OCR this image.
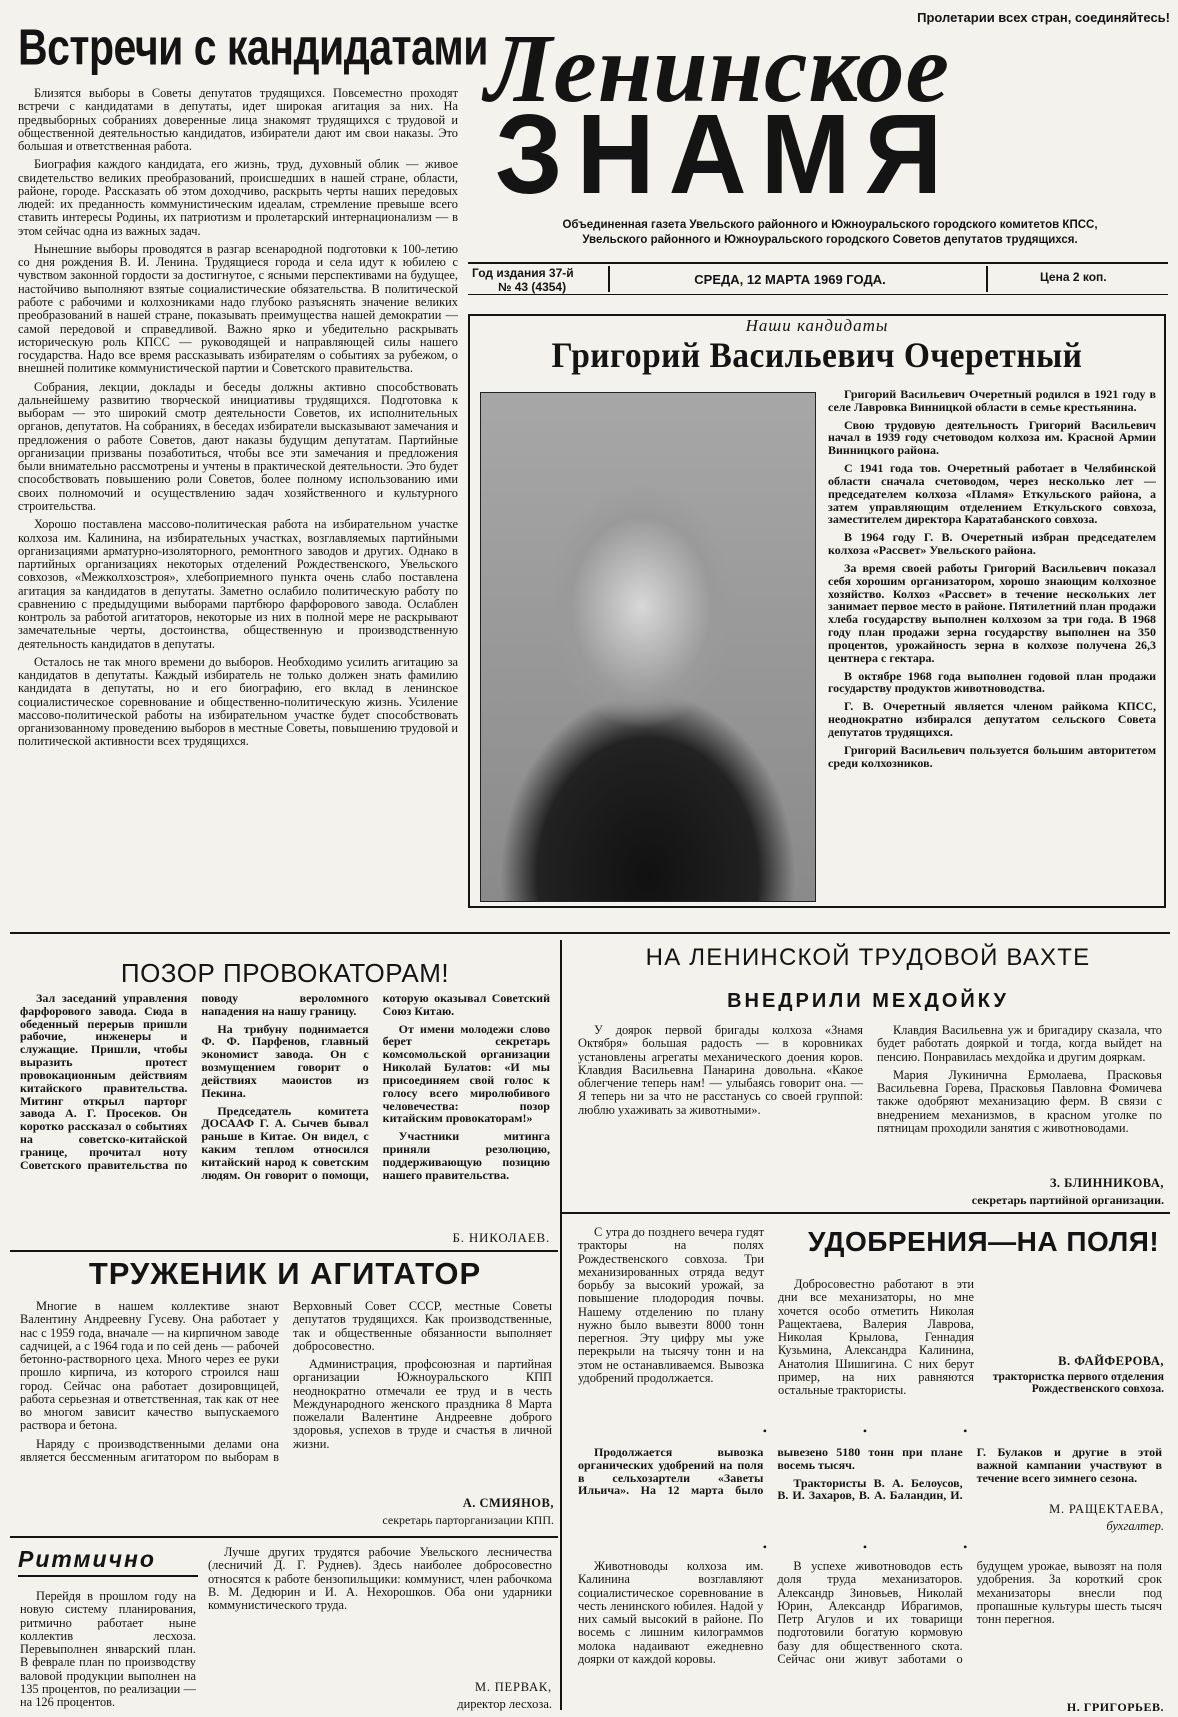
Встречи с кандидатами

Близятся выборы в Советы депутатов трудящихся. Повсеместно проходят встречи с кандидатами в депутаты, идет широкая агитация за них. На предвыборных собраниях доверенные лица знакомят трудящихся с трудовой и общественной деятельностью кандидатов, избиратели дают им свои наказы. Это большая и ответственная работа.

Биография каждого кандидата, его жизнь, труд, духовный облик — живое свидетельство великих преобразований, происшедших в нашей стране, области, районе, городе. Рассказать об этом доходчиво, раскрыть черты наших передовых людей: их преданность коммунистическим идеалам, стремление превыше всего ставить интересы Родины, их патриотизм и пролетарский интернационализм — в этом сейчас одна из важных задач.

Нынешние выборы проводятся в разгар всенародной подготовки к 100-летию со дня рождения В. И. Ленина. Трудящиеся города и села идут к юбилею с чувством законной гордости за достигнутое, с ясными перспективами на будущее, настойчиво выполняют взятые социалистические обязательства. В политической работе с рабочими и колхозниками надо глубоко разъяснять значение великих преобразований в нашей стране, показывать преимущества нашей демократии — самой передовой и справедливой. Важно ярко и убедительно раскрывать историческую роль КПСС — руководящей и направляющей силы нашего государства. Надо все время рассказывать избирателям о событиях за рубежом, о внешней политике коммунистической партии и Советского правительства.

Собрания, лекции, доклады и беседы должны активно способствовать дальнейшему развитию творческой инициативы трудящихся. Подготовка к выборам — это широкий смотр деятельности Советов, их исполнительных органов, депутатов. На собраниях, в беседах избиратели высказывают замечания и предложения о работе Советов, дают наказы будущим депутатам. Партийные организации призваны позаботиться, чтобы все эти замечания и предложения были внимательно рассмотрены и учтены в практической деятельности. Это будет способствовать повышению роли Советов, более полному использованию ими своих полномочий и осуществлению задач хозяйственного и культурного строительства.

Хорошо поставлена массово-политическая работа на избирательном участке колхоза им. Калинина, на избирательных участках, возглавляемых партийными организациями арматурно-изоляторного, ремонтного заводов и других. Однако в партийных организациях некоторых отделений Рождественского, Увельского совхозов, «Межколхозстроя», хлебоприемного пункта очень слабо поставлена агитация за кандидатов в депутаты. Заметно ослабило политическую работу по сравнению с предыдущими выборами партбюро фарфорового завода. Ослаблен контроль за работой агитаторов, некоторые из них в полной мере не раскрывают замечательные черты, достоинства, общественную и производственную деятельность кандидатов в депутаты.

Осталось не так много времени до выборов. Необходимо усилить агитацию за кандидатов в депутаты. Каждый избиратель не только должен знать фамилию кандидата в депутаты, но и его биографию, его вклад в ленинское социалистическое соревнование и общественно-политическую жизнь. Усиление массово-политической работы на избирательном участке будет способствовать организованному проведению выборов в местные Советы, повышению трудовой и политической активности всех трудящихся.

Пролетарии всех стран, соединяйтесь!
Ленинское
ЗНАМЯ
Объединенная газета Увельского районного и Южноуральского городского комитетов КПСС,
Увельского районного и Южноуральского городского Советов депутатов трудящихся.
Год издания 37-й
№ 43 (4354)
СРЕДА, 12 МАРТА 1969 ГОДА.	Цена 2 коп.
Наши кандидаты
Григорий Васильевич Очеретный

Григорий Васильевич Очеретный родился в 1921 году в селе Лавровка Винницкой области в семье крестьянина.

Свою трудовую деятельность Григорий Васильевич начал в 1939 году счетоводом колхоза им. Красной Армии Винницкого района.

С 1941 года тов. Очеретный работает в Челябинской области сначала счетоводом, через несколько лет — председателем колхоза «Пламя» Еткульского района, а затем управляющим отделением Еткульского совхоза, заместителем директора Каратабанского совхоза.

В 1964 году Г. В. Очеретный избран председателем колхоза «Рассвет» Увельского района.

За время своей работы Григорий Васильевич показал себя хорошим организатором, хорошо знающим колхозное хозяйство. Колхоз «Рассвет» в течение нескольких лет занимает первое место в районе. Пятилетний план продажи хлеба государству выполнен колхозом за три года. В 1968 году план продажи зерна государству выполнен на 350 процентов, урожайность зерна в колхозе получена 26,3 центнера с гектара.

В октябре 1968 года выполнен годовой план продажи государству продуктов животноводства.

Г. В. Очеретный является членом райкома КПСС, неоднократно избирался депутатом сельского Совета депутатов трудящихся.

Григорий Васильевич пользуется большим авторитетом среди колхозников.

ПОЗОР ПРОВОКАТОРАМ!

Зал заседаний управления фарфорового завода. Сюда в обеденный перерыв пришли рабочие, инженеры и служащие. Пришли, чтобы выразить протест провокационным действиям китайского правительства. Митинг открыл парторг завода А. Г. Просеков. Он коротко рассказал о событиях на советско-китайской границе, прочитал ноту Советского правительства по поводу вероломного нападения на нашу границу.

На трибуну поднимается Ф. Ф. Парфенов, главный экономист завода. Он с возмущением говорит о действиях маоистов из Пекина.

Председатель комитета ДОСААФ Г. А. Сычев бывал раньше в Китае. Он видел, с каким теплом относился китайский народ к советским людям. Он говорит о помощи, которую оказывал Советский Союз Китаю.

От имени молодежи слово берет секретарь комсомольской организации Николай Булатов: «И мы присоединяем свой голос к голосу всего миролюбивого человечества: позор китайским провокаторам!»

Участники митинга приняли резолюцию, поддерживающую позицию нашего правительства.

Б. НИКОЛАЕВ.
ТРУЖЕНИК И АГИТАТОР

Многие в нашем коллективе знают Валентину Андреевну Гусеву. Она работает у нас с 1959 года, вначале — на кирпичном заводе садчицей, а с 1964 года и по сей день — рабочей бетонно-растворного цеха. Много через ее руки прошло кирпича, из которого строился наш город. Сейчас она работает дозировщицей, работа серьезная и ответственная, так как от нее во многом зависит качество выпускаемого раствора и бетона.

Наряду с производственными делами она является бессменным агитатором по выборам в Верховный Совет СССР, местные Советы депутатов трудящихся. Как производственные, так и общественные обязанности выполняет добросовестно.

Администрация, профсоюзная и партийная организации Южноуральского КПП неоднократно отмечали ее труд и в честь Международного женского праздника 8 Марта пожелали Валентине Андреевне доброго здоровья, успехов в труде и счастья в личной жизни.

А. СМИЯНОВ,
секретарь парторганизации КПП.
Ритмично

Перейдя в прошлом году на новую систему планирования, ритмично работает ныне коллектив лесхоза. Перевыполнен январский план. В феврале план по производству валовой продукции выполнен на 135 процентов, по реализации — на 126 процентов.

Лучше других трудятся рабочие Увельского лесничества (лесничий Д. Г. Руднев). Здесь наиболее добросовестно относятся к работе бензопильщики: коммунист, член рабочкома В. М. Дедюрин и И. А. Нехорошков. Оба они ударники коммунистического труда.

М. ПЕРВАК,
директор лесхоза.
НА ЛЕНИНСКОЙ ТРУДОВОЙ ВАХТЕ
ВНЕДРИЛИ МЕХДОЙКУ

У доярок первой бригады колхоза «Знамя Октября» большая радость — в коровниках установлены агрегаты механического доения коров. Клавдия Васильевна Панарина довольна. «Какое облегчение теперь нам! — улыбаясь говорит она. — Я теперь ни за что не расстанусь со своей группой: люблю ухаживать за животными».

Клавдия Васильевна уж и бригадиру сказала, что будет работать дояркой и тогда, когда выйдет на пенсию. Понравилась мехдойка и другим дояркам.

Мария Лукинична Ермолаева, Прасковья Васильевна Горева, Прасковья Павловна Фомичева также одобряют механизацию ферм. В связи с внедрением механизмов, в красном уголке по пятницам проходили занятия с животноводами.

З. БЛИННИКОВА,
секретарь партийной организации.
УДОБРЕНИЯ—НА ПОЛЯ!

С утра до позднего вечера гудят тракторы на полях Рождественского совхоза. Три механизированных отряда ведут борьбу за высокий урожай, за повышение плодородия почвы. Нашему отделению по плану нужно было вывезти 8000 тонн перегноя. Эту цифру мы уже перекрыли на тысячу тонн и на этом не останавливаемся. Вывозка удобрений продолжается.

Добросовестно работают в эти дни все механизаторы, но мне хочется особо отметить Николая Ращектаева, Валерия Лаврова, Николая Крылова, Геннадия Кузьмина, Александра Калинина, Анатолия Шишигина. С них берут пример, на них равняются остальные трактористы.

В. ФАЙФЕРОВА,
трактористка первого отделения Рождественского совхоза.
•          •          •

Продолжается вывозка органических удобрений на поля в сельхозартели «Заветы Ильича». На 12 марта было вывезено 5180 тонн при плане восемь тысяч.

Трактористы В. А. Белоусов, В. И. Захаров, В. А. Баландин, И. Г. Булаков и другие в этой важной кампании участвуют в течение всего зимнего сезона.

М. РАЩЕКТАЕВА,
бухгалтер.
•          •          •

Животноводы колхоза им. Калинина возглавляют социалистическое соревнование в честь ленинского юбилея. Надой у них самый высокий в районе. По восемь с лишним килограммов молока надаивают ежедневно доярки от каждой коровы.

В успехе животноводов есть доля труда механизаторов. Александр Зиновьев, Николай Юрин, Александр Ибрагимов, Петр Агулов и их товарищи подготовили богатую кормовую базу для общественного скота. Сейчас они живут заботами о будущем урожае, вывозят на поля удобрения. За короткий срок механизаторы внесли под пропашные культуры шесть тысяч тонн перегноя.

Н. ГРИГОРЬЕВ.
